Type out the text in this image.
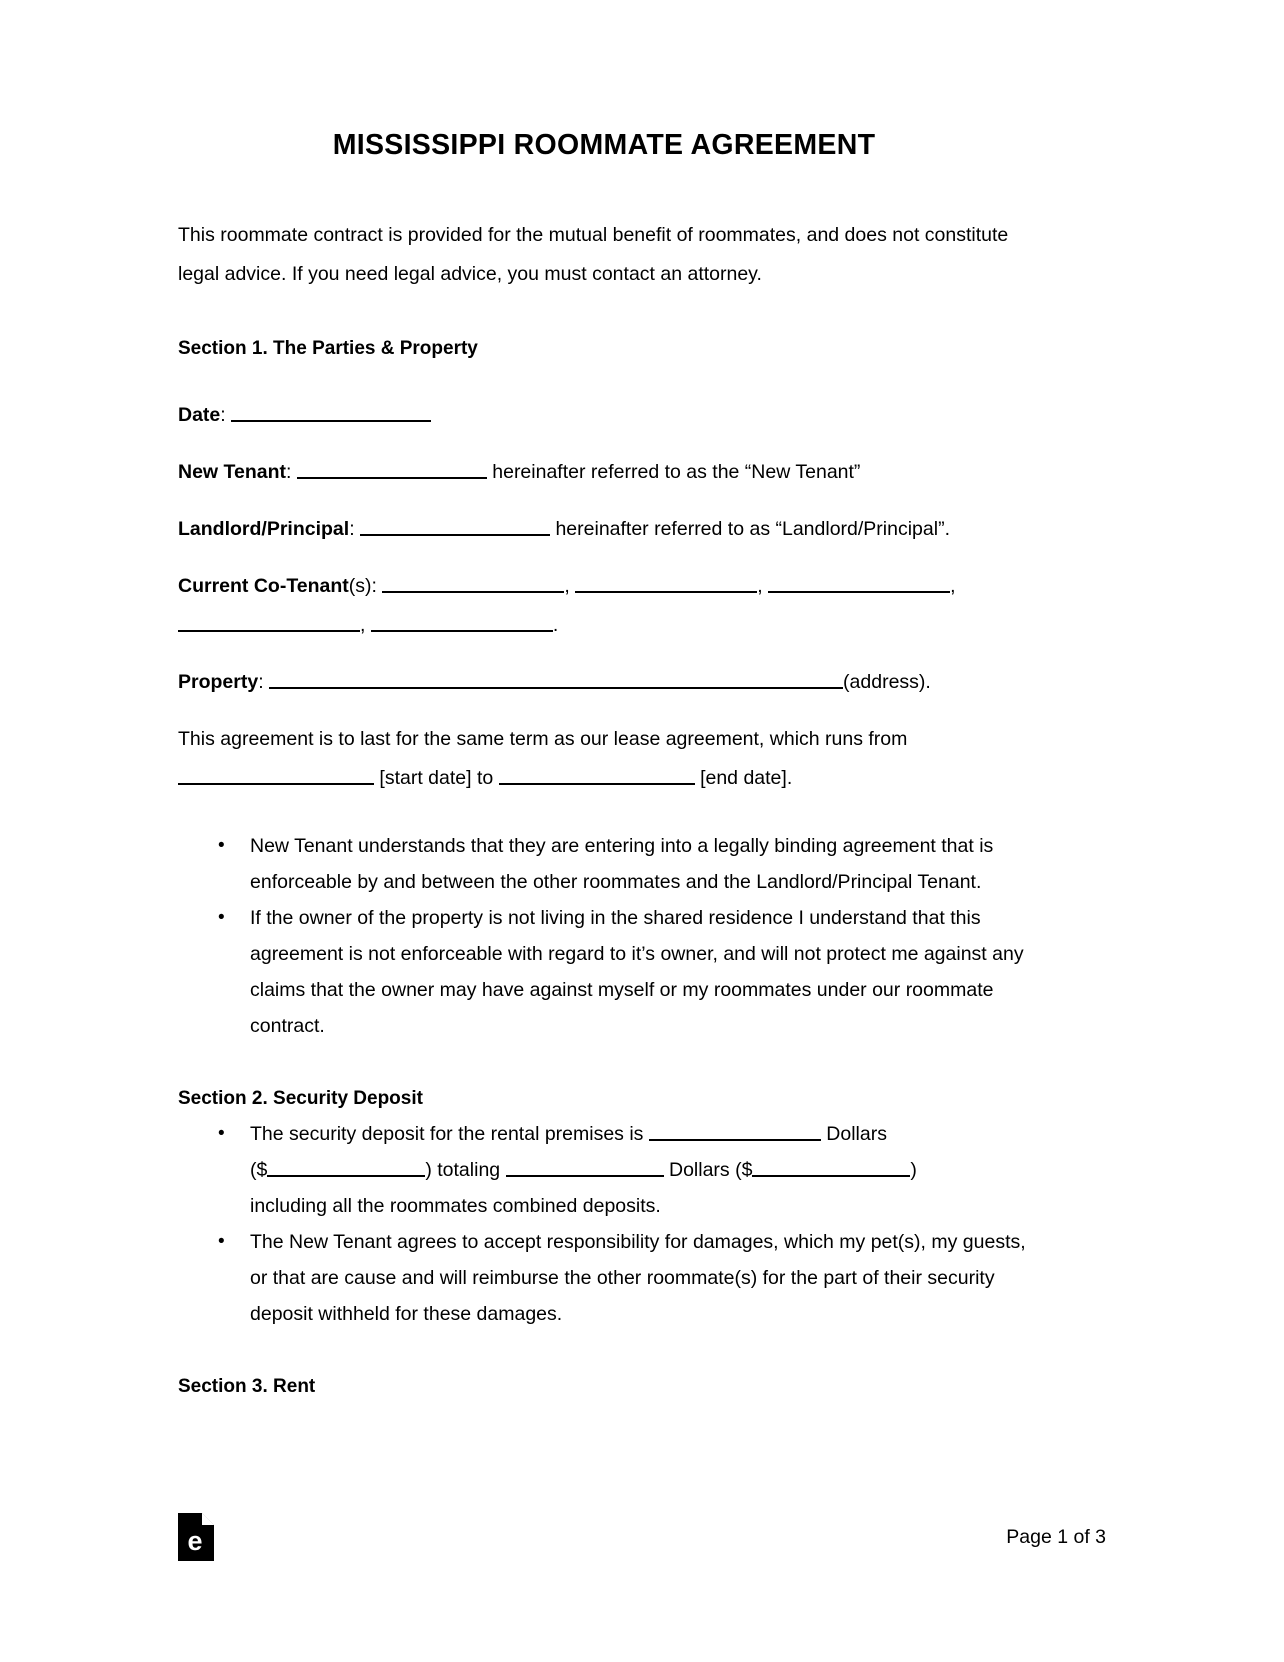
MISSISSIPPI ROOMMATE AGREEMENT

This roommate contract is provided for the mutual benefit of roommates, and does not constitute legal advice. If you need legal advice, you must contact an attorney.

Section 1. The Parties & Property

Date:

New Tenant:	hereinafter referred to as the “New Tenant”

Landlord/Principal:	hereinafter referred to as “Landlord/Principal”.

Current Co-Tenant(s):	,	,	, ,	.

Property:	(address).

This agreement is to last for the same term as our lease agreement, which runs from
[start date] to	[end date].

• New Tenant understands that they are entering into a legally binding agreement that is enforceable by and between the other roommates and the Landlord/Principal Tenant.
• If the owner of the property is not living in the shared residence I understand that this agreement is not enforceable with regard to it’s owner, and will not protect me against any claims that the owner may have against myself or my roommates under our roommate contract.
Section 2. Security Deposit
• The security deposit for the rental premises is	Dollars
($	) totaling	Dollars ($	)
including all the roommates combined deposits.
• The New Tenant agrees to accept responsibility for damages, which my pet(s), my guests, or that are cause and will reimburse the other roommate(s) for the part of their security deposit withheld for these damages.
Section 3. Rent
e	Page 1 of 3
